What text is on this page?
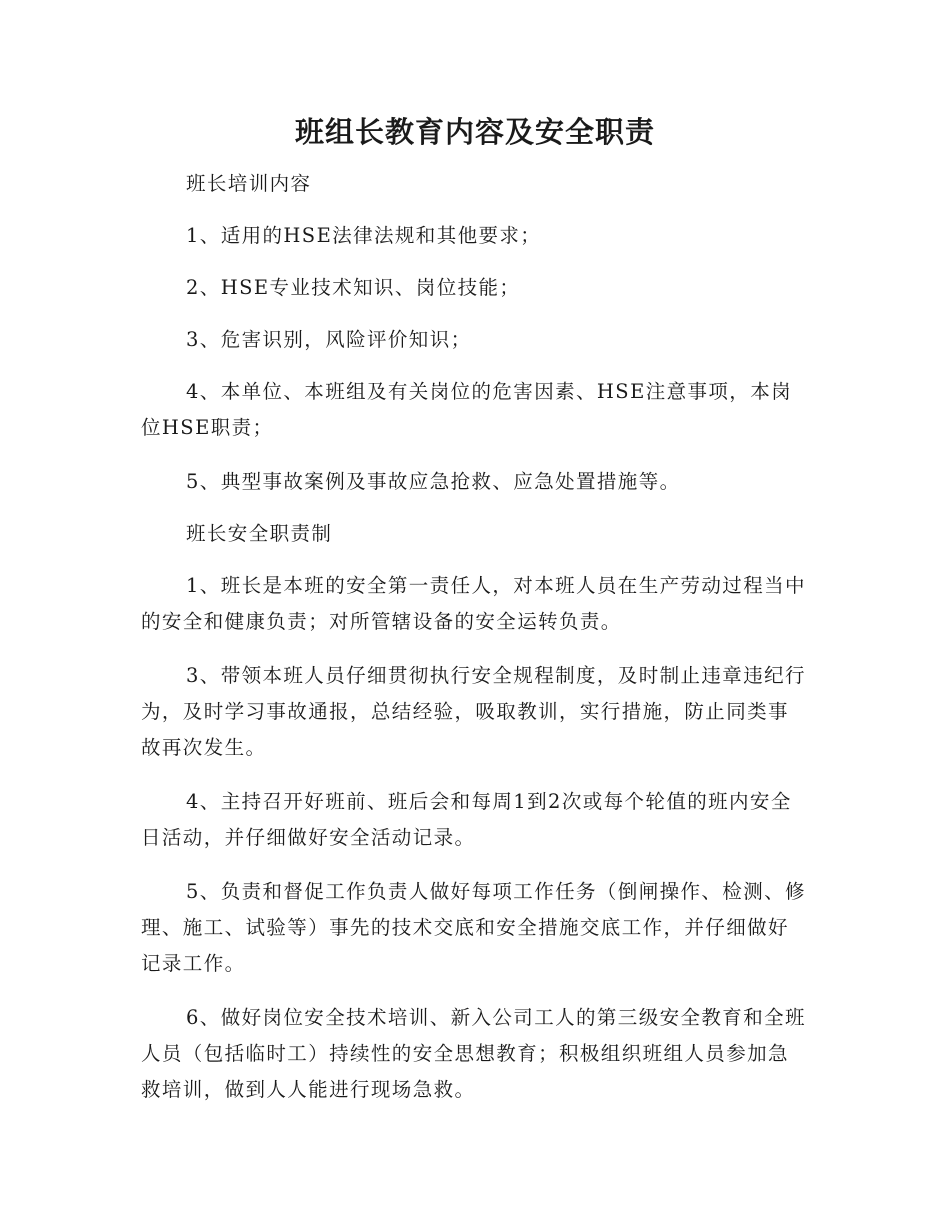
班组长教育内容及安全职责

班长培训内容

1、适用的HSE法律法规和其他要求；

2、HSE专业技术知识、岗位技能；

3、危害识别，风险评价知识；

4、本单位、本班组及有关岗位的危害因素、HSE注意事项，本岗位HSE职责；

5、典型事故案例及事故应急抢救、应急处置措施等。

班长安全职责制

1、班长是本班的安全第一责任人，对本班人员在生产劳动过程当中的安全和健康负责；对所管辖设备的安全运转负责。

3、带领本班人员仔细贯彻执行安全规程制度，及时制止违章违纪行为，及时学习事故通报，总结经验，吸取教训，实行措施，防止同类事故再次发生。

4、主持召开好班前、班后会和每周1到2次或每个轮值的班内安全日活动，并仔细做好安全活动记录。

5、负责和督促工作负责人做好每项工作任务（倒闸操作、检测、修理、施工、试验等）事先的技术交底和安全措施交底工作，并仔细做好记录工作。

6、做好岗位安全技术培训、新入公司工人的第三级安全教育和全班人员（包括临时工）持续性的安全思想教育；积极组织班组人员参加急救培训，做到人人能进行现场急救。
